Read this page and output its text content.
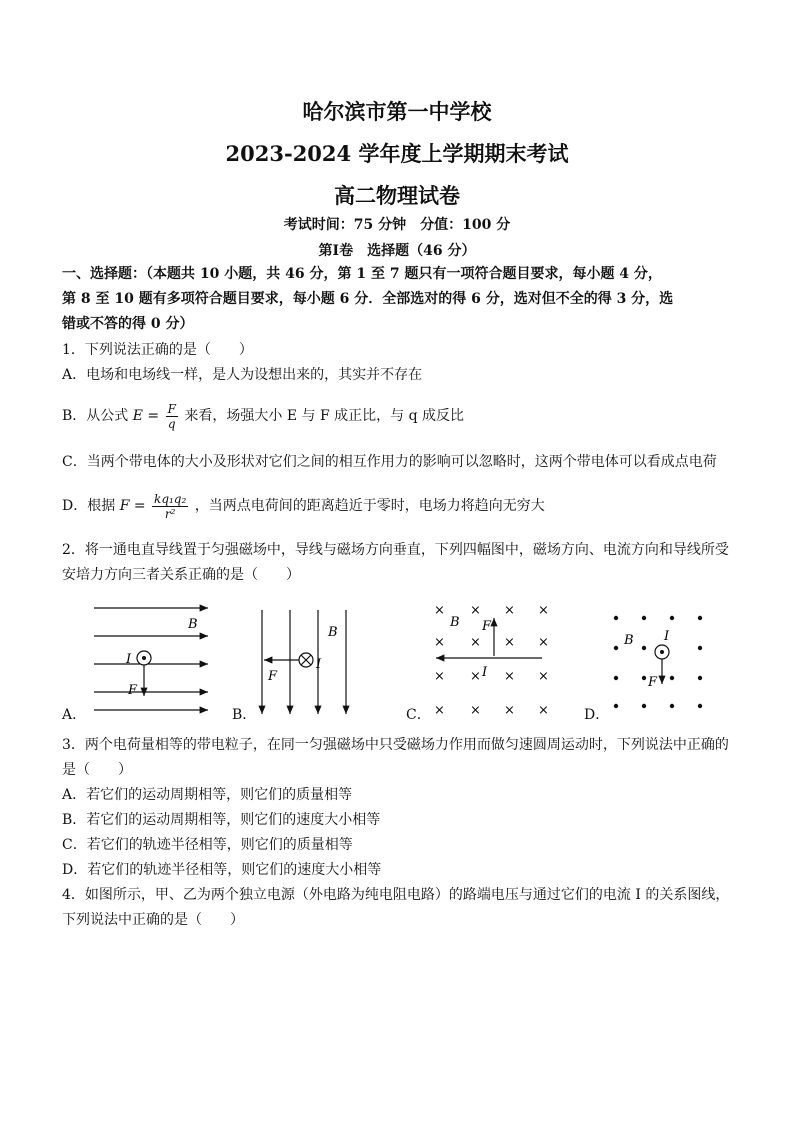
哈尔滨市第一中学校
2023-2024 学年度上学期期末考试
高二物理试卷
考试时间：75 分钟　分值：100 分
第Ⅰ卷　选择题（46 分）
一、选择题：（本题共 10 小题，共 46 分，第 1 至 7 题只有一项符合题目要求，每小题 4 分，
第 8 至 10 题有多项符合题目要求，每小题 6 分．全部选对的得 6 分，选对但不全的得 3 分，选
错或不答的得 0 分）
1．下列说法正确的是（　　）
A．电场和电场线一样，是人为设想出来的，其实并不存在
B．从公式 $E = \frac{F}{q}$ 来看，场强大小 E 与 F 成正比，与 q 成反比
C．当两个带电体的大小及形状对它们之间的相互作用力的影响可以忽略时，这两个带电体可以看成点电荷
D．根据 $F = \frac{\text{kq₁q₂}}{\text{r²}}$ ，当两点电荷间的距离趋近于零时，电场力将趋向无穷大
2．将一通电直导线置于匀强磁场中，导线与磁场方向垂直，下列四幅图中，磁场方向、电流方向和导线所受
安培力方向三者关系正确的是（　　）
B
I
F
A．
B
I
F
B．
×	× ×
×
× × × ×
× × × ×
× × × ×
B
I
F
C．
B I
F
D．
3．两个电荷量相等的带电粒子，在同一匀强磁场中只受磁场力作用而做匀速圆周运动时，下列说法中正确的
是（　　）
A．若它们的运动周期相等，则它们的质量相等
B．若它们的运动周期相等，则它们的速度大小相等
C．若它们的轨迹半径相等，则它们的质量相等
D．若它们的轨迹半径相等，则它们的速度大小相等
4．如图所示，甲、乙为两个独立电源（外电路为纯电阻电路）的路端电压与通过它们的电流 I 的关系图线，
下列说法中正确的是（　　）
